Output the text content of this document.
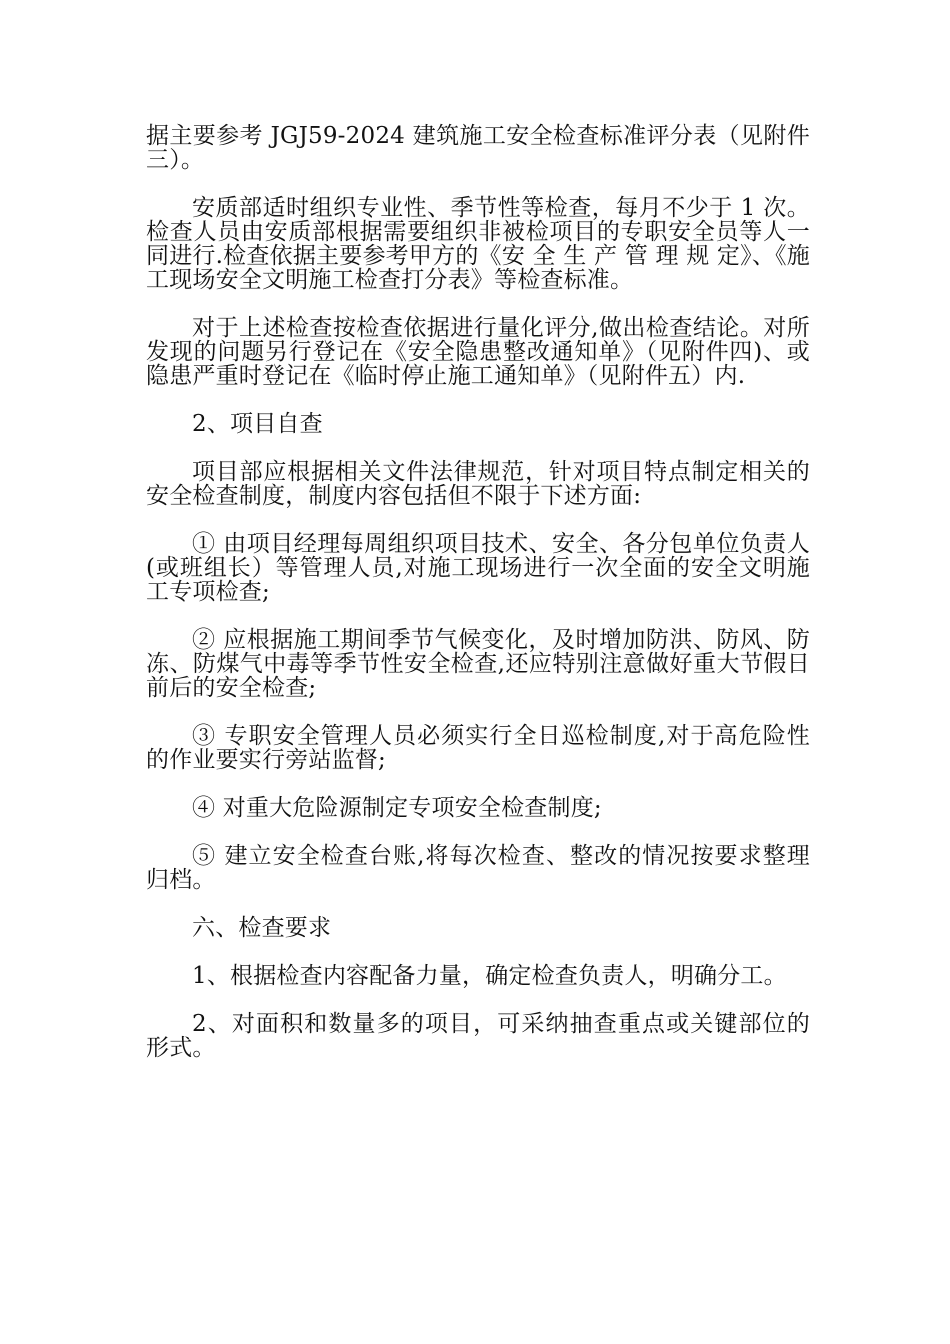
据主要参考 JGJ59-2024 建筑施工安全检查标准评分表（见附件三）。

安质部适时组织专业性、季节性等检查，每月不少于 1 次。检查人员由安质部根据需要组织非被检项目的专职安全员等人一同进行.检查依据主要参考甲方的《安 全 生 产 管 理 规 定》、《施工现场安全文明施工检查打分表》等检查标准。

对于上述检查按检查依据进行量化评分,做出检查结论。对所发现的问题另行登记在《安全隐患整改通知单》（见附件四)、或隐患严重时登记在《临时停止施工通知单》（见附件五）内.

2、项目自查

项目部应根据相关文件法律规范，针对项目特点制定相关的安全检查制度，制度内容包括但不限于下述方面:

① 由项目经理每周组织项目技术、安全、各分包单位负责人(或班组长）等管理人员,对施工现场进行一次全面的安全文明施工专项检查;

② 应根据施工期间季节气候变化，及时增加防洪、防风、防冻、防煤气中毒等季节性安全检查,还应特别注意做好重大节假日前后的安全检查;

③ 专职安全管理人员必须实行全日巡检制度,对于高危险性的作业要实行旁站监督;

④ 对重大危险源制定专项安全检查制度;

⑤ 建立安全检查台账,将每次检查、整改的情况按要求整理归档。

六、检查要求

1、根据检查内容配备力量，确定检查负责人，明确分工。

2、对面积和数量多的项目，可采纳抽查重点或关键部位的形式。
